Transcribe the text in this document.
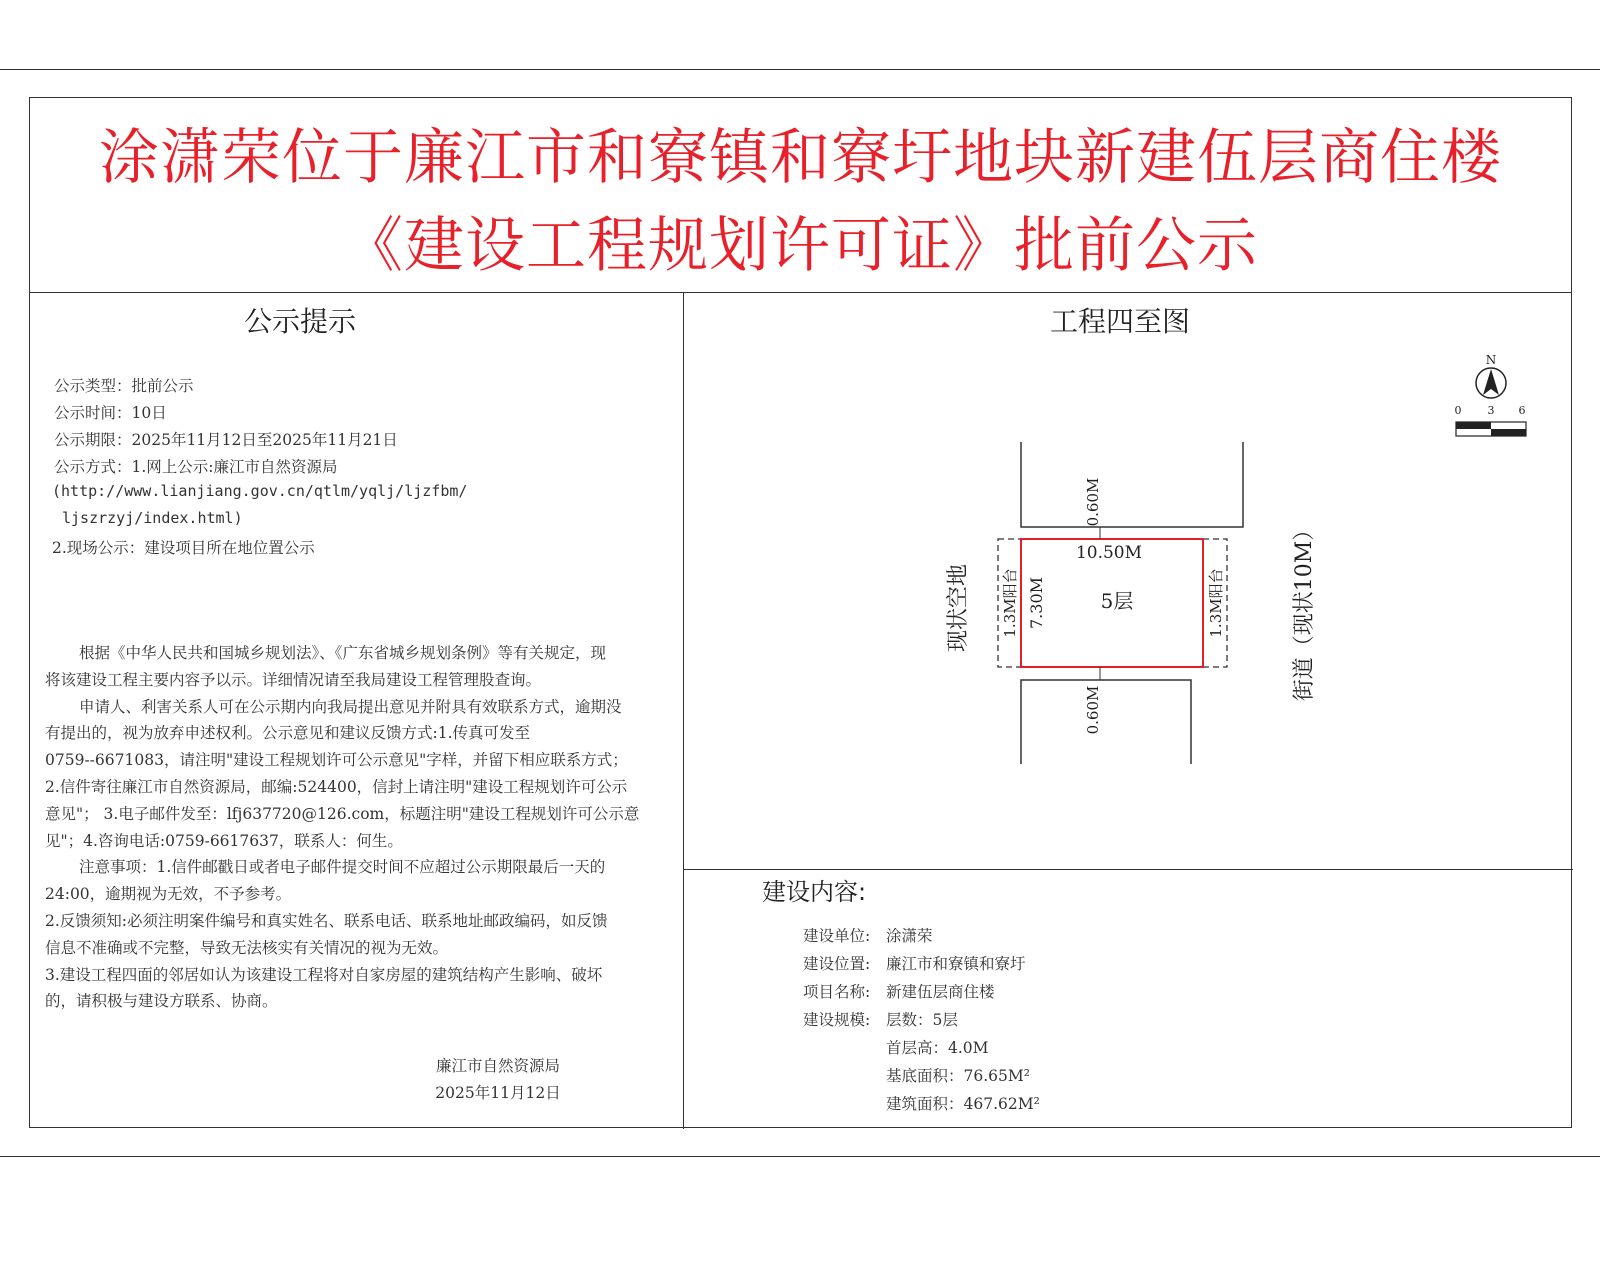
涂潇荣位于廉江市和寮镇和寮圩地块新建伍层商住楼
《建设工程规划许可证》批前公示
公示提示
公示类型：批前公示
公示时间：10日
公示期限：2025年11月12日至2025年11月21日
公示方式：1.网上公示:廉江市自然资源局
(http://www.lianjiang.gov.cn/qtlm/yqlj/ljzfbm/
ljszrzyj/index.html)
2.现场公示：建设项目所在地位置公示

根据《中华人民共和国城乡规划法》、《广东省城乡规划条例》等有关规定，现

将该建设工程主要内容予以示。详细情况请至我局建设工程管理股查询。

申请人、利害关系人可在公示期内向我局提出意见并附具有效联系方式，逾期没

有提出的，视为放弃申述权利。公示意见和建议反馈方式:1.传真可发至

0759--6671083，请注明"建设工程规划许可公示意见"字样，并留下相应联系方式；

2.信件寄往廉江市自然资源局，邮编:524400，信封上请注明"建设工程规划许可公示

意见"； 3.电子邮件发至：lfj637720@126.com，标题注明"建设工程规划许可公示意

见"；4.咨询电话:0759-6617637，联系人：何生。

注意事项：1.信件邮戳日或者电子邮件提交时间不应超过公示期限最后一天的

24:00，逾期视为无效，不予参考。

2.反馈须知:必须注明案件编号和真实姓名、联系电话、联系地址邮政编码，如反馈

信息不准确或不完整，导致无法核实有关情况的视为无效。

3.建设工程四面的邻居如认为该建设工程将对自家房屋的建筑结构产生影响、破坏

的，请积极与建设方联系、协商。

廉江市自然资源局
2025年11月12日
工程四至图
N
0 3 6
10.50M
5层
0.60M
0.60M
7.30M
1.3M阳台	1.3M阳台
现状空地	街道（现状10M）
建设内容:
建设单位:	涂潇荣
建设位置:	廉江市和寮镇和寮圩
项目名称:	新建伍层商住楼
建设规模:	层数：5层
首层高：4.0M
基底面积：76.65M²
建筑面积：467.62M²
